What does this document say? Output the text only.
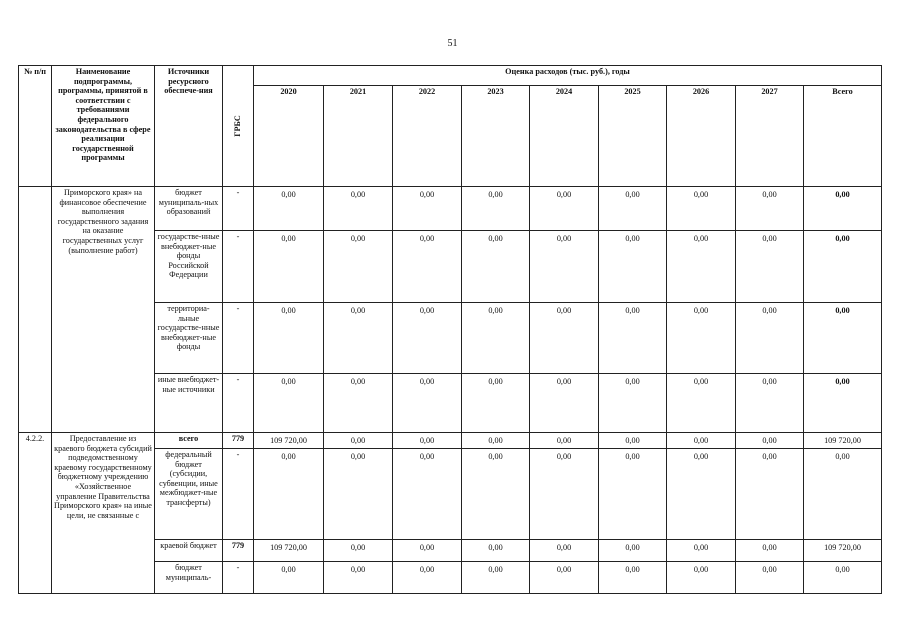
51
№ п/п	Наименование подпрограммы, программы, принятой в соответствии с требованиями федерального законодательства в сфере реализации государственной программы	Источники ресурсного обеспече-ния	ГРБС	Оценка расходов (тыс. руб.), годы								
				2020	2021	2022	2023	2024	2025	2026	2027	Всего
	Приморского края» на финансовое обеспечение выполнения государственного задания на оказание государственных услуг (выполнение работ)	бюджет муниципаль-ных образований	-	0,00	0,00	0,00	0,00	0,00	0,00	0,00	0,00	0,00
		государстве-нные внебюджет-ные фонды Российской Федерации	-	0,00	0,00	0,00	0,00	0,00	0,00	0,00	0,00	0,00
		территориа-льные государстве-нные внебюджет-ные фонды	-	0,00	0,00	0,00	0,00	0,00	0,00	0,00	0,00	0,00
		иные внебюджет-ные источники	-	0,00	0,00	0,00	0,00	0,00	0,00	0,00	0,00	0,00
4.2.2.	Предоставление из краевого бюджета субсидий подведомственному краевому государственному бюджетному учреждению «Хозяйственное управление Правительства Приморского края» на иные цели, не связанные с	всего	779	109 720,00	0,00	0,00	0,00	0,00	0,00	0,00	0,00	109 720,00
		федеральный бюджет (субсидии, субвенции, иные межбюджет-ные трансферты)	-	0,00	0,00	0,00	0,00	0,00	0,00	0,00	0,00	0,00
		краевой бюджет	779	109 720,00	0,00	0,00	0,00	0,00	0,00	0,00	0,00	109 720,00
		бюджет муниципаль-	-	0,00	0,00	0,00	0,00	0,00	0,00	0,00	0,00	0,00
